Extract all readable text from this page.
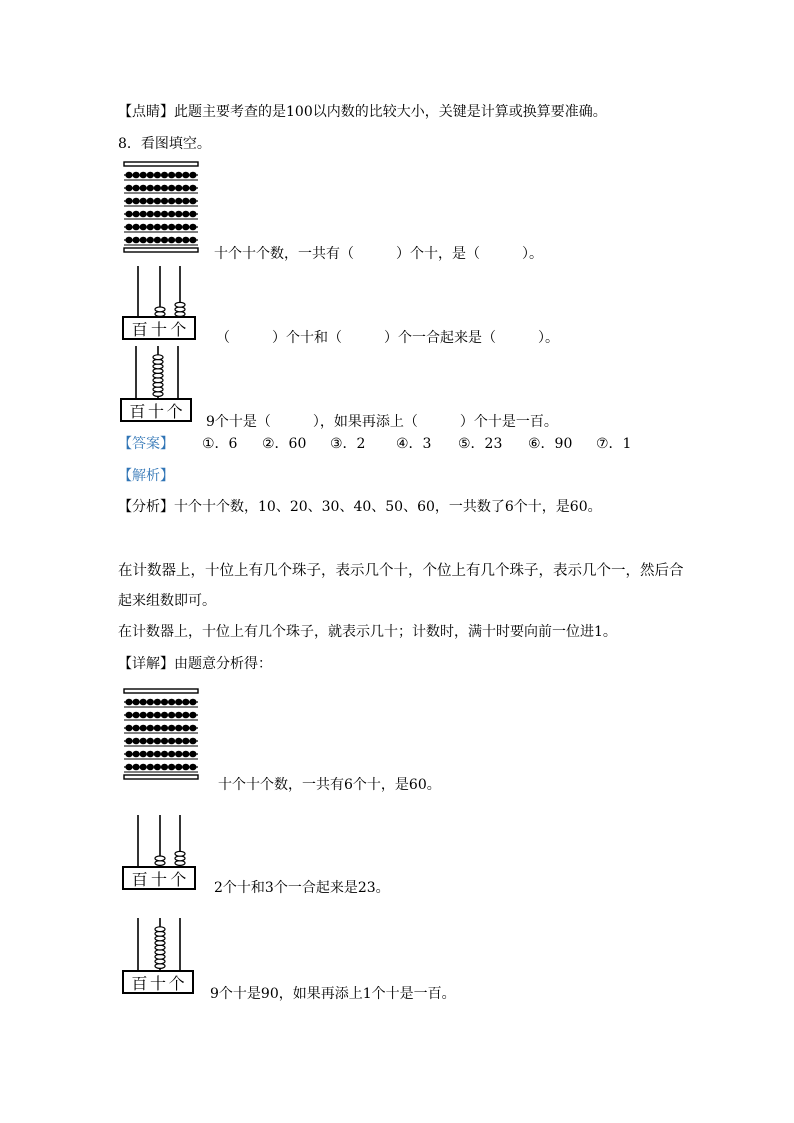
【点睛】此题主要考查的是100以内数的比较大小，关键是计算或换算要准确。
8．看图填空。
十个十个数，一共有（　　　）个十，是（　　　）。
百 十 个 （　　　）个十和（　　　）个一合起来是（　　　）。
百 十 个
9个十是（　　　），如果再添上（　　　）个十是一百。
【答案】 ①．6 ②．60 ③．2 ④．3 ⑤．23 ⑥．90 ⑦．1
【解析】
【分析】十个十个数，10、20、30、40、50、60，一共数了6个十，是60。
在计数器上，十位上有几个珠子，表示几个十，个位上有几个珠子，表示几个一，然后合
起来组数即可。
在计数器上，十位上有几个珠子，就表示几十；计数时，满十时要向前一位进1。
【详解】由题意分析得：
十个十个数，一共有6个十，是60。
百 十 个 2个十和3个一合起来是23。
百 十 个
9个十是90，如果再添上1个十是一百。
